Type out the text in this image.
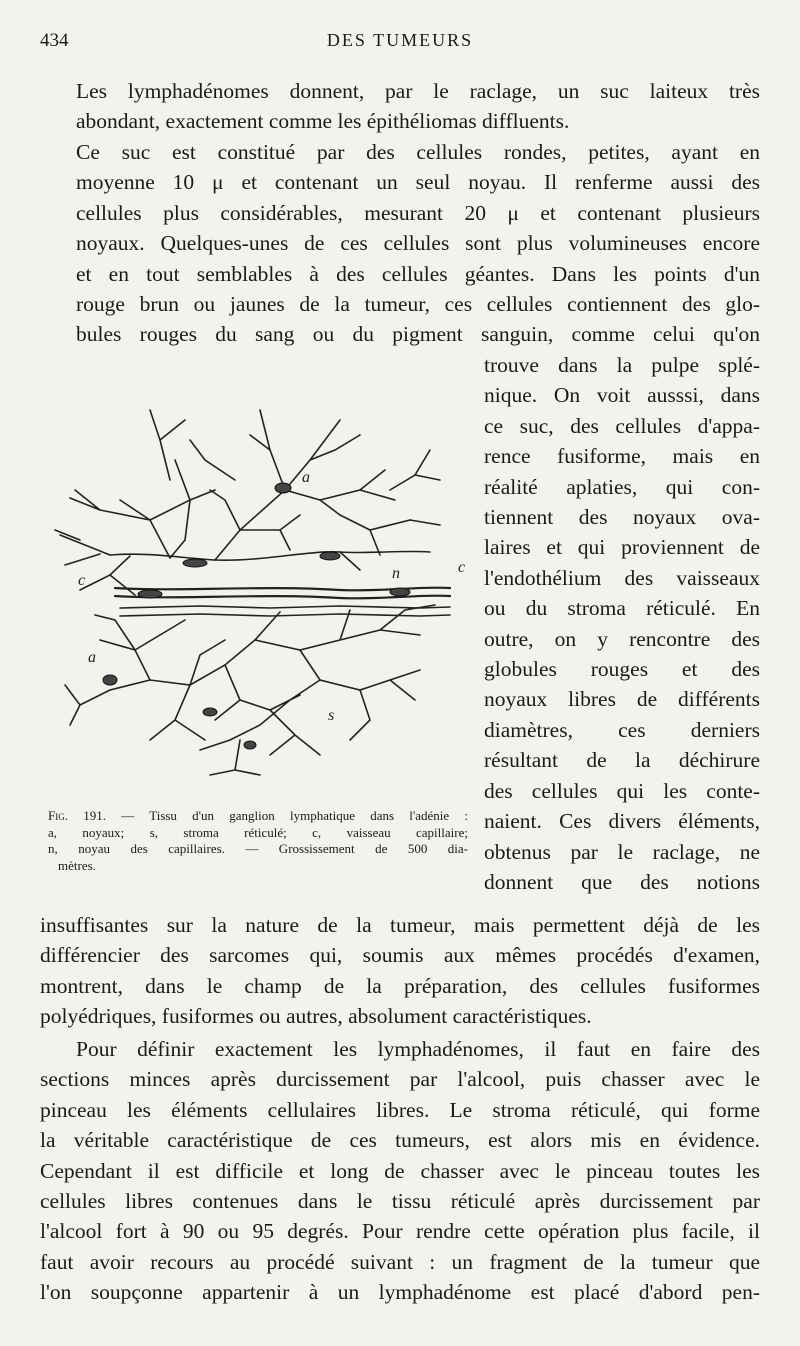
434	DES TUMEURS
Les lymphadénomes donnent, par le raclage, un suc laiteux très
abondant, exactement comme les épithéliomas diffluents.
Ce suc est constitué par des cellules rondes, petites, ayant en
moyenne 10 μ et contenant un seul noyau. Il renferme aussi des
cellules plus considérables, mesurant 20 μ et contenant plusieurs
noyaux. Quelques-unes de ces cellules sont plus volumineuses encore
et en tout semblables à des cellules géantes. Dans les points d'un
rouge brun ou jaunes de la tumeur, ces cellules contiennent des glo-
bules rouges du sang ou du pigment sanguin, comme celui qu'on
trouve dans la pulpe splé-
nique. On voit ausssi, dans
ce suc, des cellules d'appa-
rence fusiforme, mais en
réalité aplaties, qui con-
tiennent des noyaux ova-
laires et qui proviennent de
l'endothélium des vaisseaux
ou du stroma réticulé. En
outre, on y rencontre des
globules rouges et des
noyaux libres de différents
diamètres, ces derniers
résultant de la déchirure
des cellules qui les conte-
naient. Ces divers éléments,
obtenus par le raclage, ne
donnent que des notions
a
a
c
c
n
s
Fig. 191. — Tissu d'un ganglion lymphatique dans l'adénie :
a, noyaux; s, stroma réticulé; c, vaisseau capillaire;
n, noyau des capillaires. — Grossissement de 500 dia-
mètres.
insuffisantes sur la nature de la tumeur, mais permettent déjà de les
différencier des sarcomes qui, soumis aux mêmes procédés d'examen,
montrent, dans le champ de la préparation, des cellules fusiformes
polyédriques, fusiformes ou autres, absolument caractéristiques.
Pour définir exactement les lymphadénomes, il faut en faire des
sections minces après durcissement par l'alcool, puis chasser avec le
pinceau les éléments cellulaires libres. Le stroma réticulé, qui forme
la véritable caractéristique de ces tumeurs, est alors mis en évidence.
Cependant il est difficile et long de chasser avec le pinceau toutes les
cellules libres contenues dans le tissu réticulé après durcissement par
l'alcool fort à 90 ou 95 degrés. Pour rendre cette opération plus facile, il
faut avoir recours au procédé suivant : un fragment de la tumeur que
l'on soupçonne appartenir à un lymphadénome est placé d'abord pen-
